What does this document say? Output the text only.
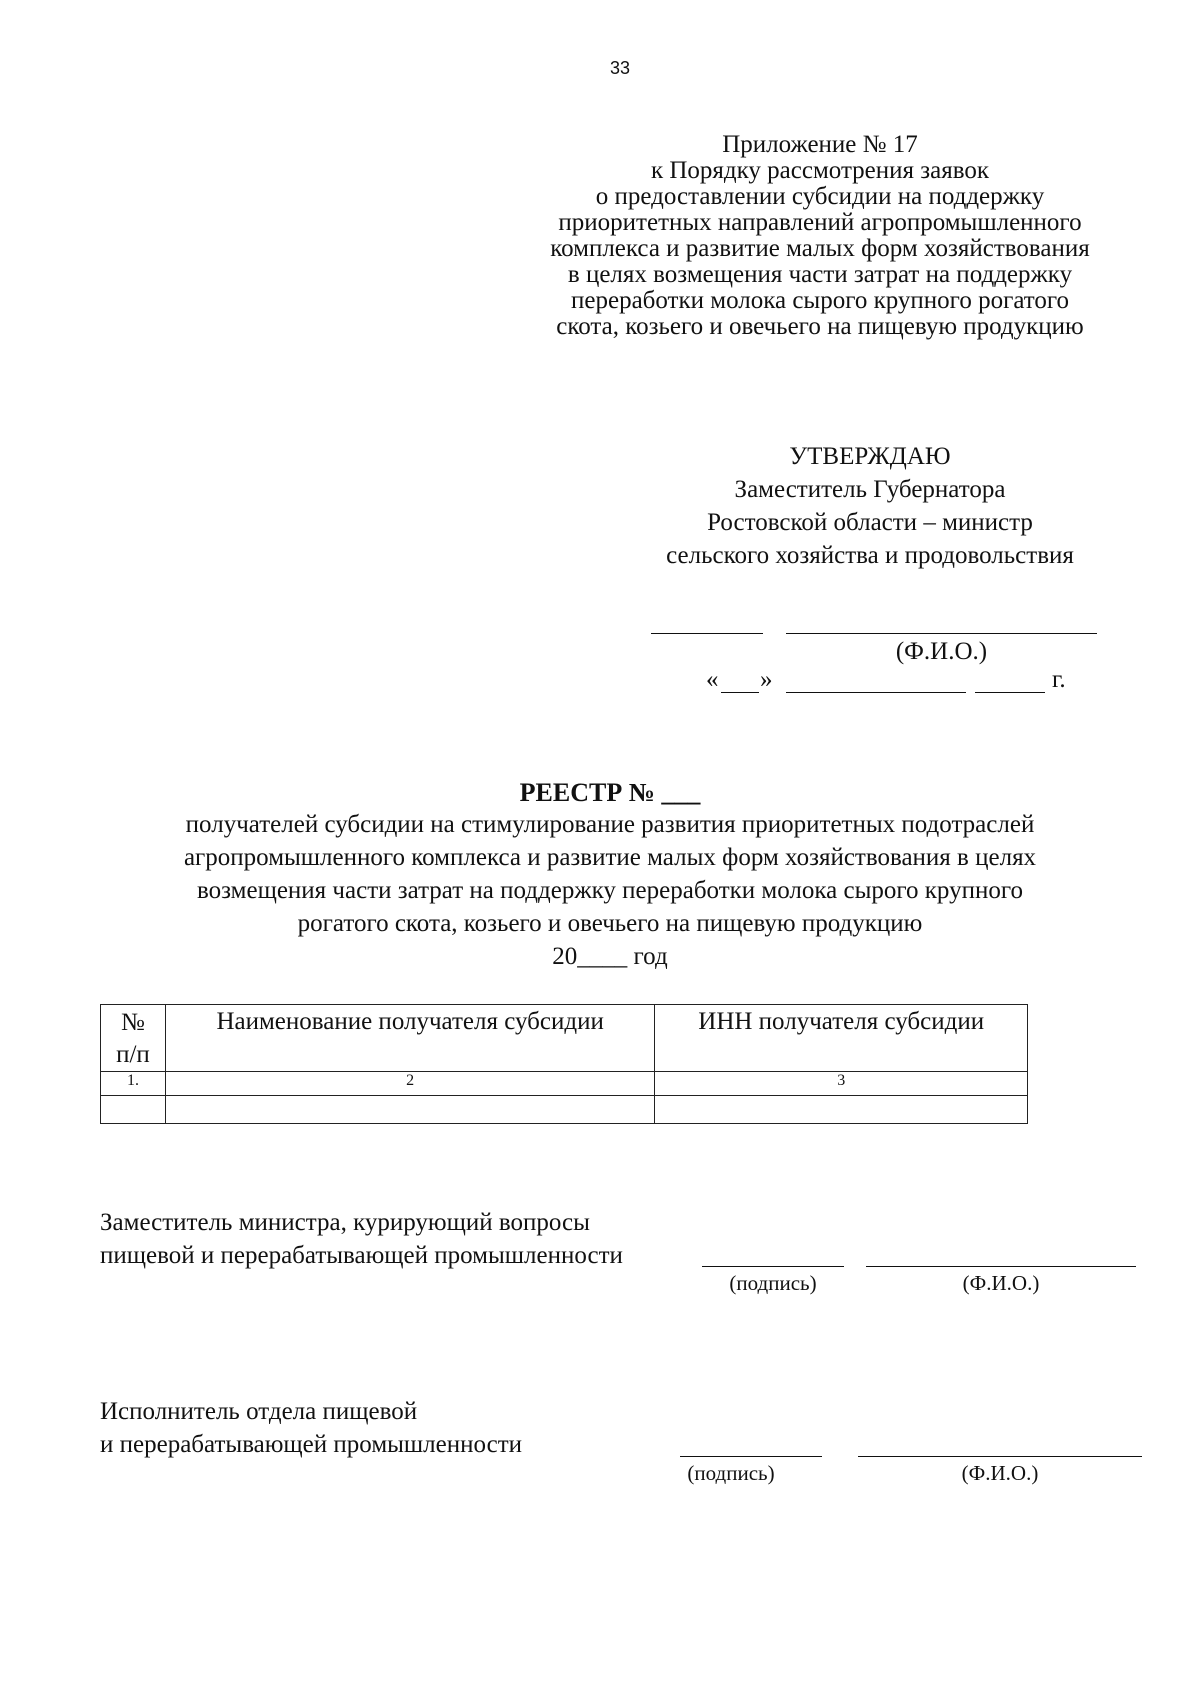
33
Приложение № 17
к Порядку рассмотрения заявок
о предоставлении субсидии на поддержку
приоритетных направлений агропромышленного
комплекса и развитие малых форм хозяйствования
в целях возмещения части затрат на поддержку
переработки молока сырого крупного рогатого
скота, козьего и овечьего на пищевую продукцию
УТВЕРЖДАЮ
Заместитель Губернатора
Ростовской области – министр
сельского хозяйства и продовольствия
(Ф.И.О.)
« »	г.
РЕЕСТР № ___
получателей субсидии на стимулирование развития приоритетных подотраслей
агропромышленного комплекса и развитие малых форм хозяйствования в целях
возмещения части затрат на поддержку переработки молока сырого крупного
рогатого скота, козьего и овечьего на пищевую продукцию
20____ год
№
п/п	Наименование получателя субсидии	ИНН получателя субсидии
1.	2	3

Заместитель министра, курирующий вопросы
пищевой и перерабатывающей промышленности
(подпись)	(Ф.И.О.)
Исполнитель отдела пищевой
и перерабатывающей промышленности
(подпись)	(Ф.И.О.)
